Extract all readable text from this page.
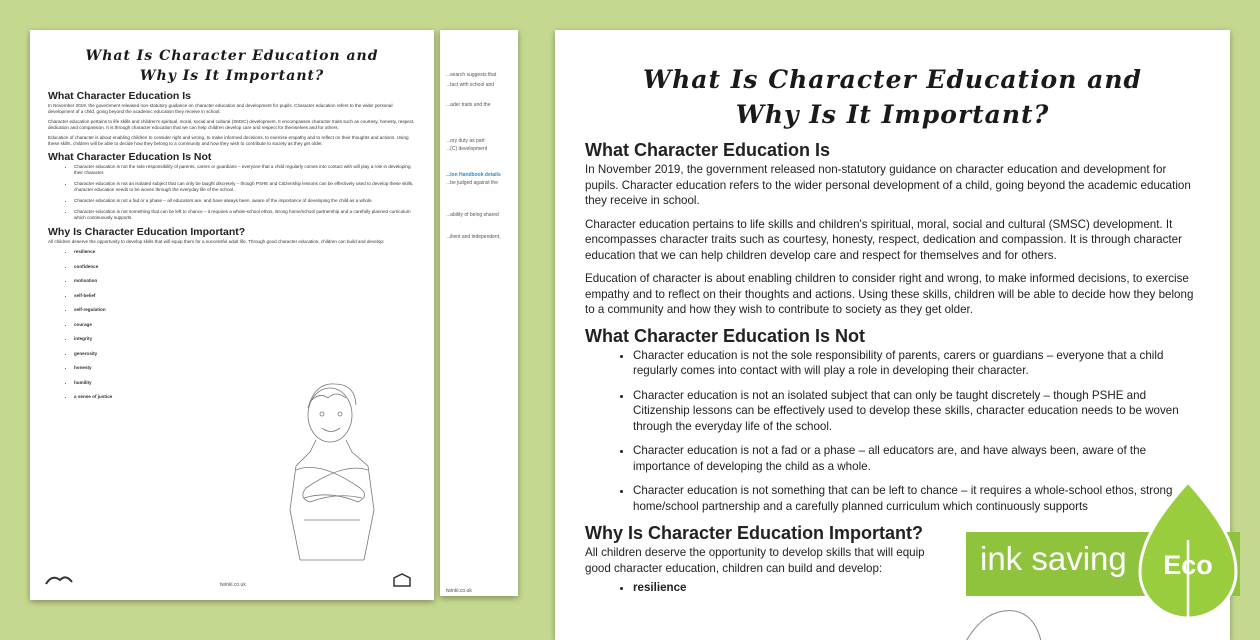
...search suggests that
...tact with school and
...ader traits and the
...ory duty as part
...(C) development
...ion Handbook details
...be judged against the
...ability of being shared
...ilient and independent,
twinkl.co.uk
What Is Character Education and
Why Is It Important?
What Character Education Is

In November 2019, the government released non-statutory guidance on character education and development for pupils. Character education refers to the wider personal development of a child, going beyond the academic education they receive in school.

Character education pertains to life skills and children's spiritual, moral, social and cultural (SMSC) development. It encompasses character traits such as courtesy, honesty, respect, dedication and compassion. It is through character education that we can help children develop care and respect for themselves and for others.

Education of character is about enabling children to consider right and wrong, to make informed decisions, to exercise empathy and to reflect on their thoughts and actions. Using these skills, children will be able to decide how they belong to a community and how they wish to contribute to society as they get older.

What Character Education Is Not
• Character education is not the sole responsibility of parents, carers or guardians – everyone that a child regularly comes into contact with will play a role in developing their character.
• Character education is not an isolated subject that can only be taught discretely – though PSHE and Citizenship lessons can be effectively used to develop these skills, character education needs to be woven through the everyday life of the school.
• Character education is not a fad or a phase – all educators are, and have always been, aware of the importance of developing the child as a whole.
• Character education is not something that can be left to chance – it requires a whole-school ethos, strong home/school partnership and a carefully planned curriculum which continuously supports
Why Is Character Education Important?

All children deserve the opportunity to develop skills that will equip them for a successful adult life. Through good character education, children can build and develop:

• resilience
• confidence
• motivation
• self-belief
• self-regulation
• courage
• integrity
• generosity
• honesty
• humility
• a sense of justice
twinkl.co.uk
What Is Character Education and
Why Is It Important?
What Character Education Is

In November 2019, the government released non-statutory guidance on character education and development for pupils. Character education refers to the wider personal development of a child, going beyond the academic education they receive in school.

Character education pertains to life skills and children's spiritual, moral, social and cultural (SMSC) development. It encompasses character traits such as courtesy, honesty, respect, dedication and compassion. It is through character education that we can help children develop care and respect for themselves and for others.

Education of character is about enabling children to consider right and wrong, to make informed decisions, to exercise empathy and to reflect on their thoughts and actions. Using these skills, children will be able to decide how they belong to a community and how they wish to contribute to society as they get older.

What Character Education Is Not
• Character education is not the sole responsibility of parents, carers or guardians – everyone that a child regularly comes into contact with will play a role in developing their character.
• Character education is not an isolated subject that can only be taught discretely – though PSHE and Citizenship lessons can be effectively used to develop these skills, character education needs to be woven through the everyday life of the school.
• Character education is not a fad or a phase – all educators are, and have always been, aware of the importance of developing the child as a whole.
• Character education is not something that can be left to chance – it requires a whole-school ethos, strong home/school partnership and a carefully planned curriculum which continuously supports
Why Is Character Education Important?

All children deserve the opportunity to develop skills that will equip
good character education, children can build and develop:

• resilience
ink saving Eco
